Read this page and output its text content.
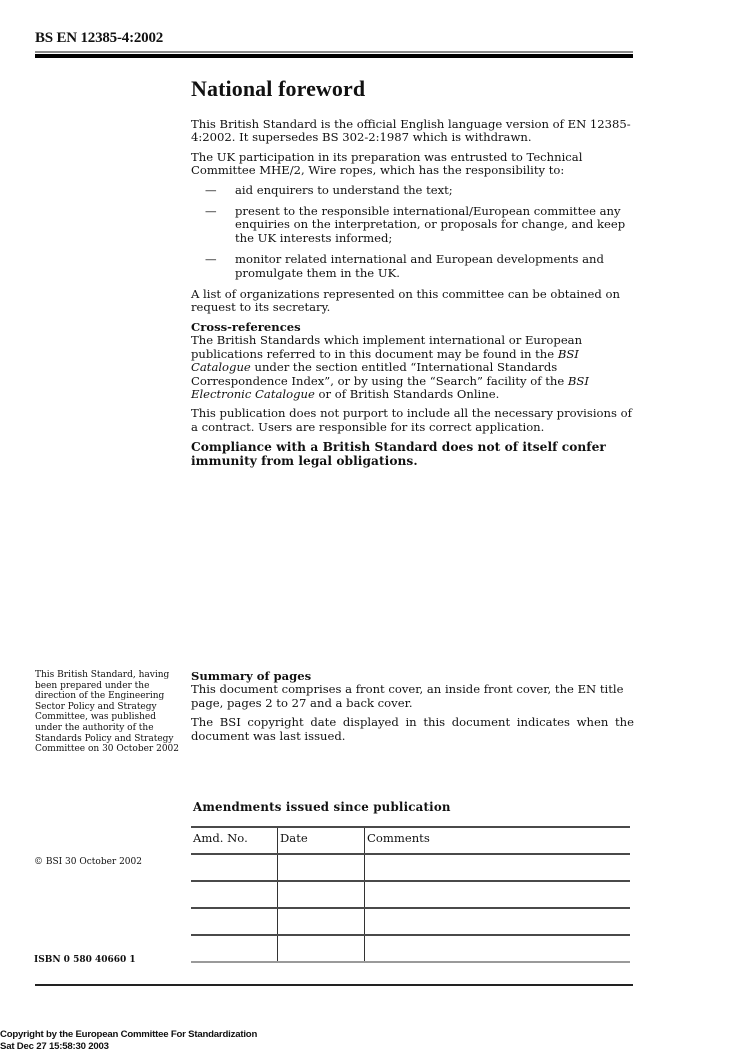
BS EN 12385-4:2002
National foreword

This British Standard is the official English language version of EN 12385-4:2002. It supersedes BS 302-2:1987 which is withdrawn.

The UK participation in its preparation was entrusted to Technical Committee MHE/2, Wire ropes, which has the responsibility to:

— aid enquirers to understand the text;
— present to the responsible international/European committee any enquiries on the interpretation, or proposals for change, and keep the UK interests informed;
— monitor related international and European developments and promulgate them in the UK.

A list of organizations represented on this committee can be obtained on request to its secretary.

Cross-references

The British Standards which implement international or European publications referred to in this document may be found in the BSI Catalogue under the section entitled “International Standards Correspondence Index”, or by using the “Search” facility of the BSI Electronic Catalogue or of British Standards Online.

This publication does not purport to include all the necessary provisions of a contract. Users are responsible for its correct application.

Compliance with a British Standard does not of itself confer immunity from legal obligations.

This British Standard, having been prepared under the direction of the Engineering Sector Policy and Strategy Committee, was published under the authority of the Standards Policy and Strategy Committee on 30 October 2002

Summary of pages

This document comprises a front cover, an inside front cover, the EN title page, pages 2 to 27 and a back cover.

The BSI copyright date displayed in this document indicates when the document was last issued.

Amendments issued since publication
Amd. No.	Date	Comments

© BSI 30 October 2002
ISBN 0 580 40660 1
Copyright by the European Committee For Standardization
Sat Dec 27 15:58:30 2003
